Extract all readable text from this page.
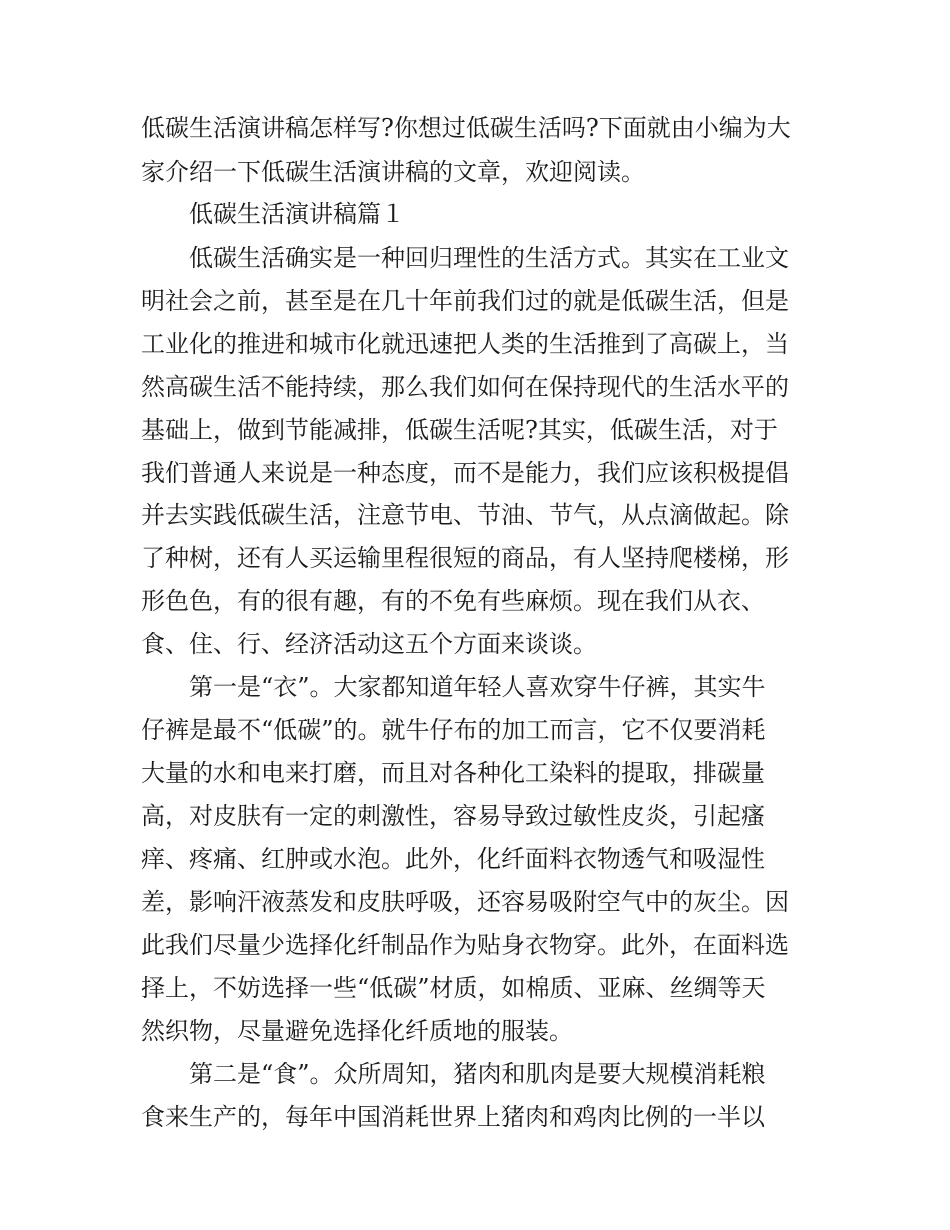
低碳生活演讲稿怎样写?你想过低碳生活吗?下面就由小编为大
家介绍一下低碳生活演讲稿的文章，欢迎阅读。
低碳生活演讲稿篇１
低碳生活确实是一种回归理性的生活方式。其实在工业文
明社会之前，甚至是在几十年前我们过的就是低碳生活，但是
工业化的推进和城市化就迅速把人类的生活推到了高碳上，当
然高碳生活不能持续，那么我们如何在保持现代的生活水平的
基础上，做到节能减排，低碳生活呢?其实，低碳生活，对于
我们普通人来说是一种态度，而不是能力，我们应该积极提倡
并去实践低碳生活，注意节电、节油、节气，从点滴做起。除
了种树，还有人买运输里程很短的商品，有人坚持爬楼梯，形
形色色，有的很有趣，有的不免有些麻烦。现在我们从衣、
食、住、行、经济活动这五个方面来谈谈。
第一是“衣”。大家都知道年轻人喜欢穿牛仔裤，其实牛
仔裤是最不“低碳”的。就牛仔布的加工而言，它不仅要消耗
大量的水和电来打磨，而且对各种化工染料的提取，排碳量
高，对皮肤有一定的刺激性，容易导致过敏性皮炎，引起瘙
痒、疼痛、红肿或水泡。此外，化纤面料衣物透气和吸湿性
差，影响汗液蒸发和皮肤呼吸，还容易吸附空气中的灰尘。因
此我们尽量少选择化纤制品作为贴身衣物穿。此外，在面料选
择上，不妨选择一些“低碳”材质，如棉质、亚麻、丝绸等天
然织物，尽量避免选择化纤质地的服装。
第二是“食”。众所周知，猪肉和肌肉是要大规模消耗粮
食来生产的，每年中国消耗世界上猪肉和鸡肉比例的一半以
